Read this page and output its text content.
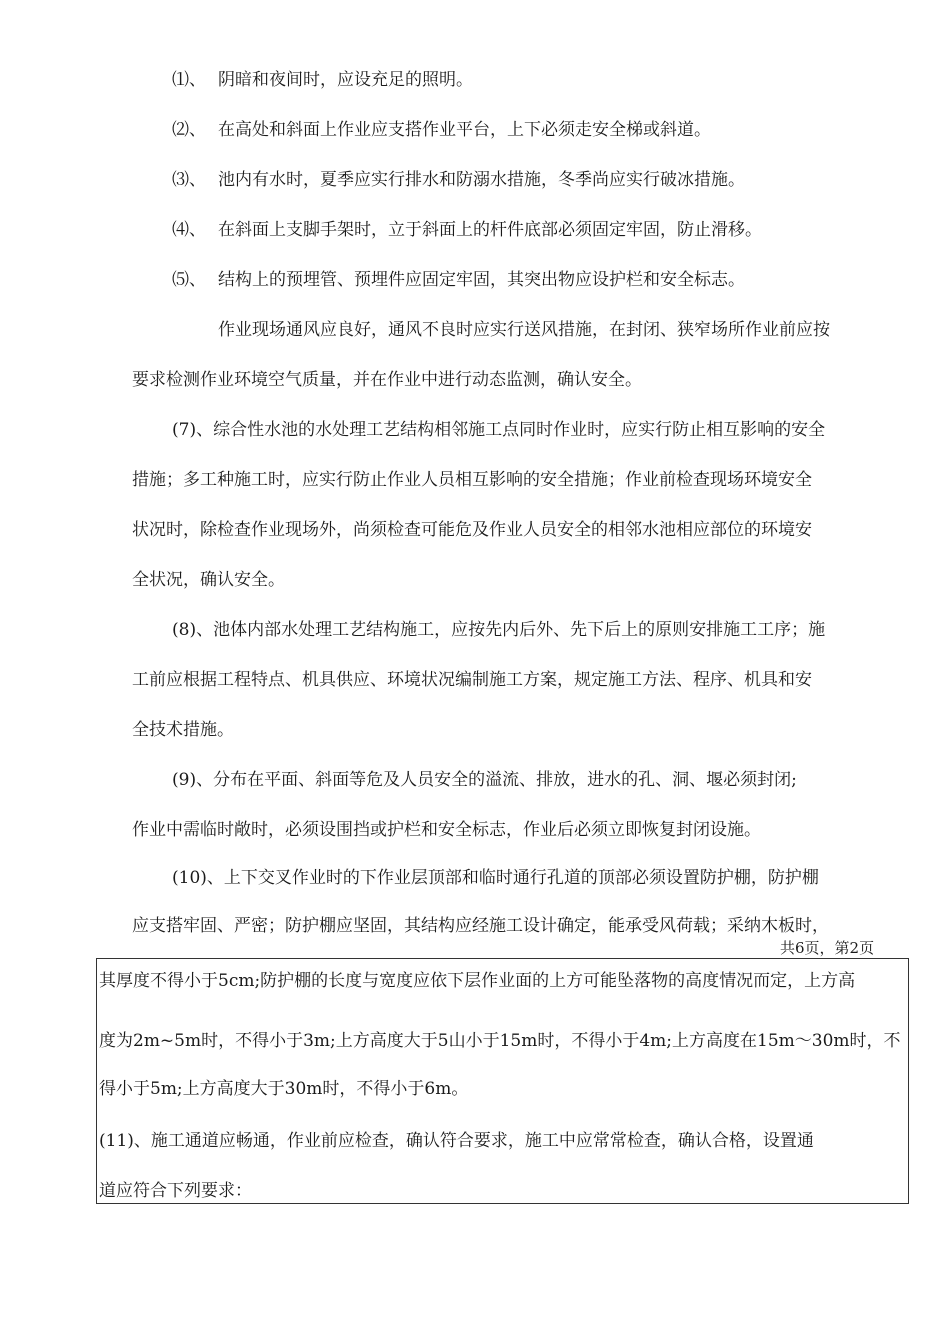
⑴、 阴暗和夜间时，应设充足的照明。
⑵、 在高处和斜面上作业应支搭作业平台，上下必须走安全梯或斜道。
⑶、 池内有水时，夏季应实行排水和防溺水措施，冬季尚应实行破冰措施。
⑷、 在斜面上支脚手架时，立于斜面上的杆件底部必须固定牢固，防止滑移。
⑸、 结构上的预埋管、预埋件应固定牢固，其突出物应设护栏和安全标志。
作业现场通风应良好，通风不良时应实行送风措施，在封闭、狭窄场所作业前应按
要求检测作业环境空气质量，并在作业中进行动态监测，确认安全。
(7)、综合性水池的水处理工艺结构相邻施工点同时作业时，应实行防止相互影响的安全
措施；多工种施工时，应实行防止作业人员相互影响的安全措施；作业前检查现场环境安全
状况时，除检查作业现场外，尚须检查可能危及作业人员安全的相邻水池相应部位的环境安
全状况，确认安全。
(8)、池体内部水处理工艺结构施工，应按先内后外、先下后上的原则安排施工工序；施
工前应根据工程特点、机具供应、环境状况编制施工方案，规定施工方法、程序、机具和安
全技术措施。
(9)、分布在平面、斜面等危及人员安全的溢流、排放，进水的孔、洞、堰必须封闭;
作业中需临时敞时，必须设围挡或护栏和安全标志，作业后必须立即恢复封闭设施。
(10)、上下交叉作业时的下作业层顶部和临时通行孔道的顶部必须设置防护棚，防护棚
应支搭牢固、严密；防护棚应坚固，其结构应经施工设计确定，能承受风荷载；采纳木板时，
共6页，第2页
其厚度不得小于5cm;防护棚的长度与宽度应依下层作业面的上方可能坠落物的高度情况而定，上方高
度为2m~5m时，不得小于3m;上方高度大于5山小于15m时，不得小于4m;上方高度在15m〜30m时，不
得小于5m;上方高度大于30m时，不得小于6m。
(11)、施工通道应畅通，作业前应检查，确认符合要求，施工中应常常检查，确认合格，设置通
道应符合下列要求：
